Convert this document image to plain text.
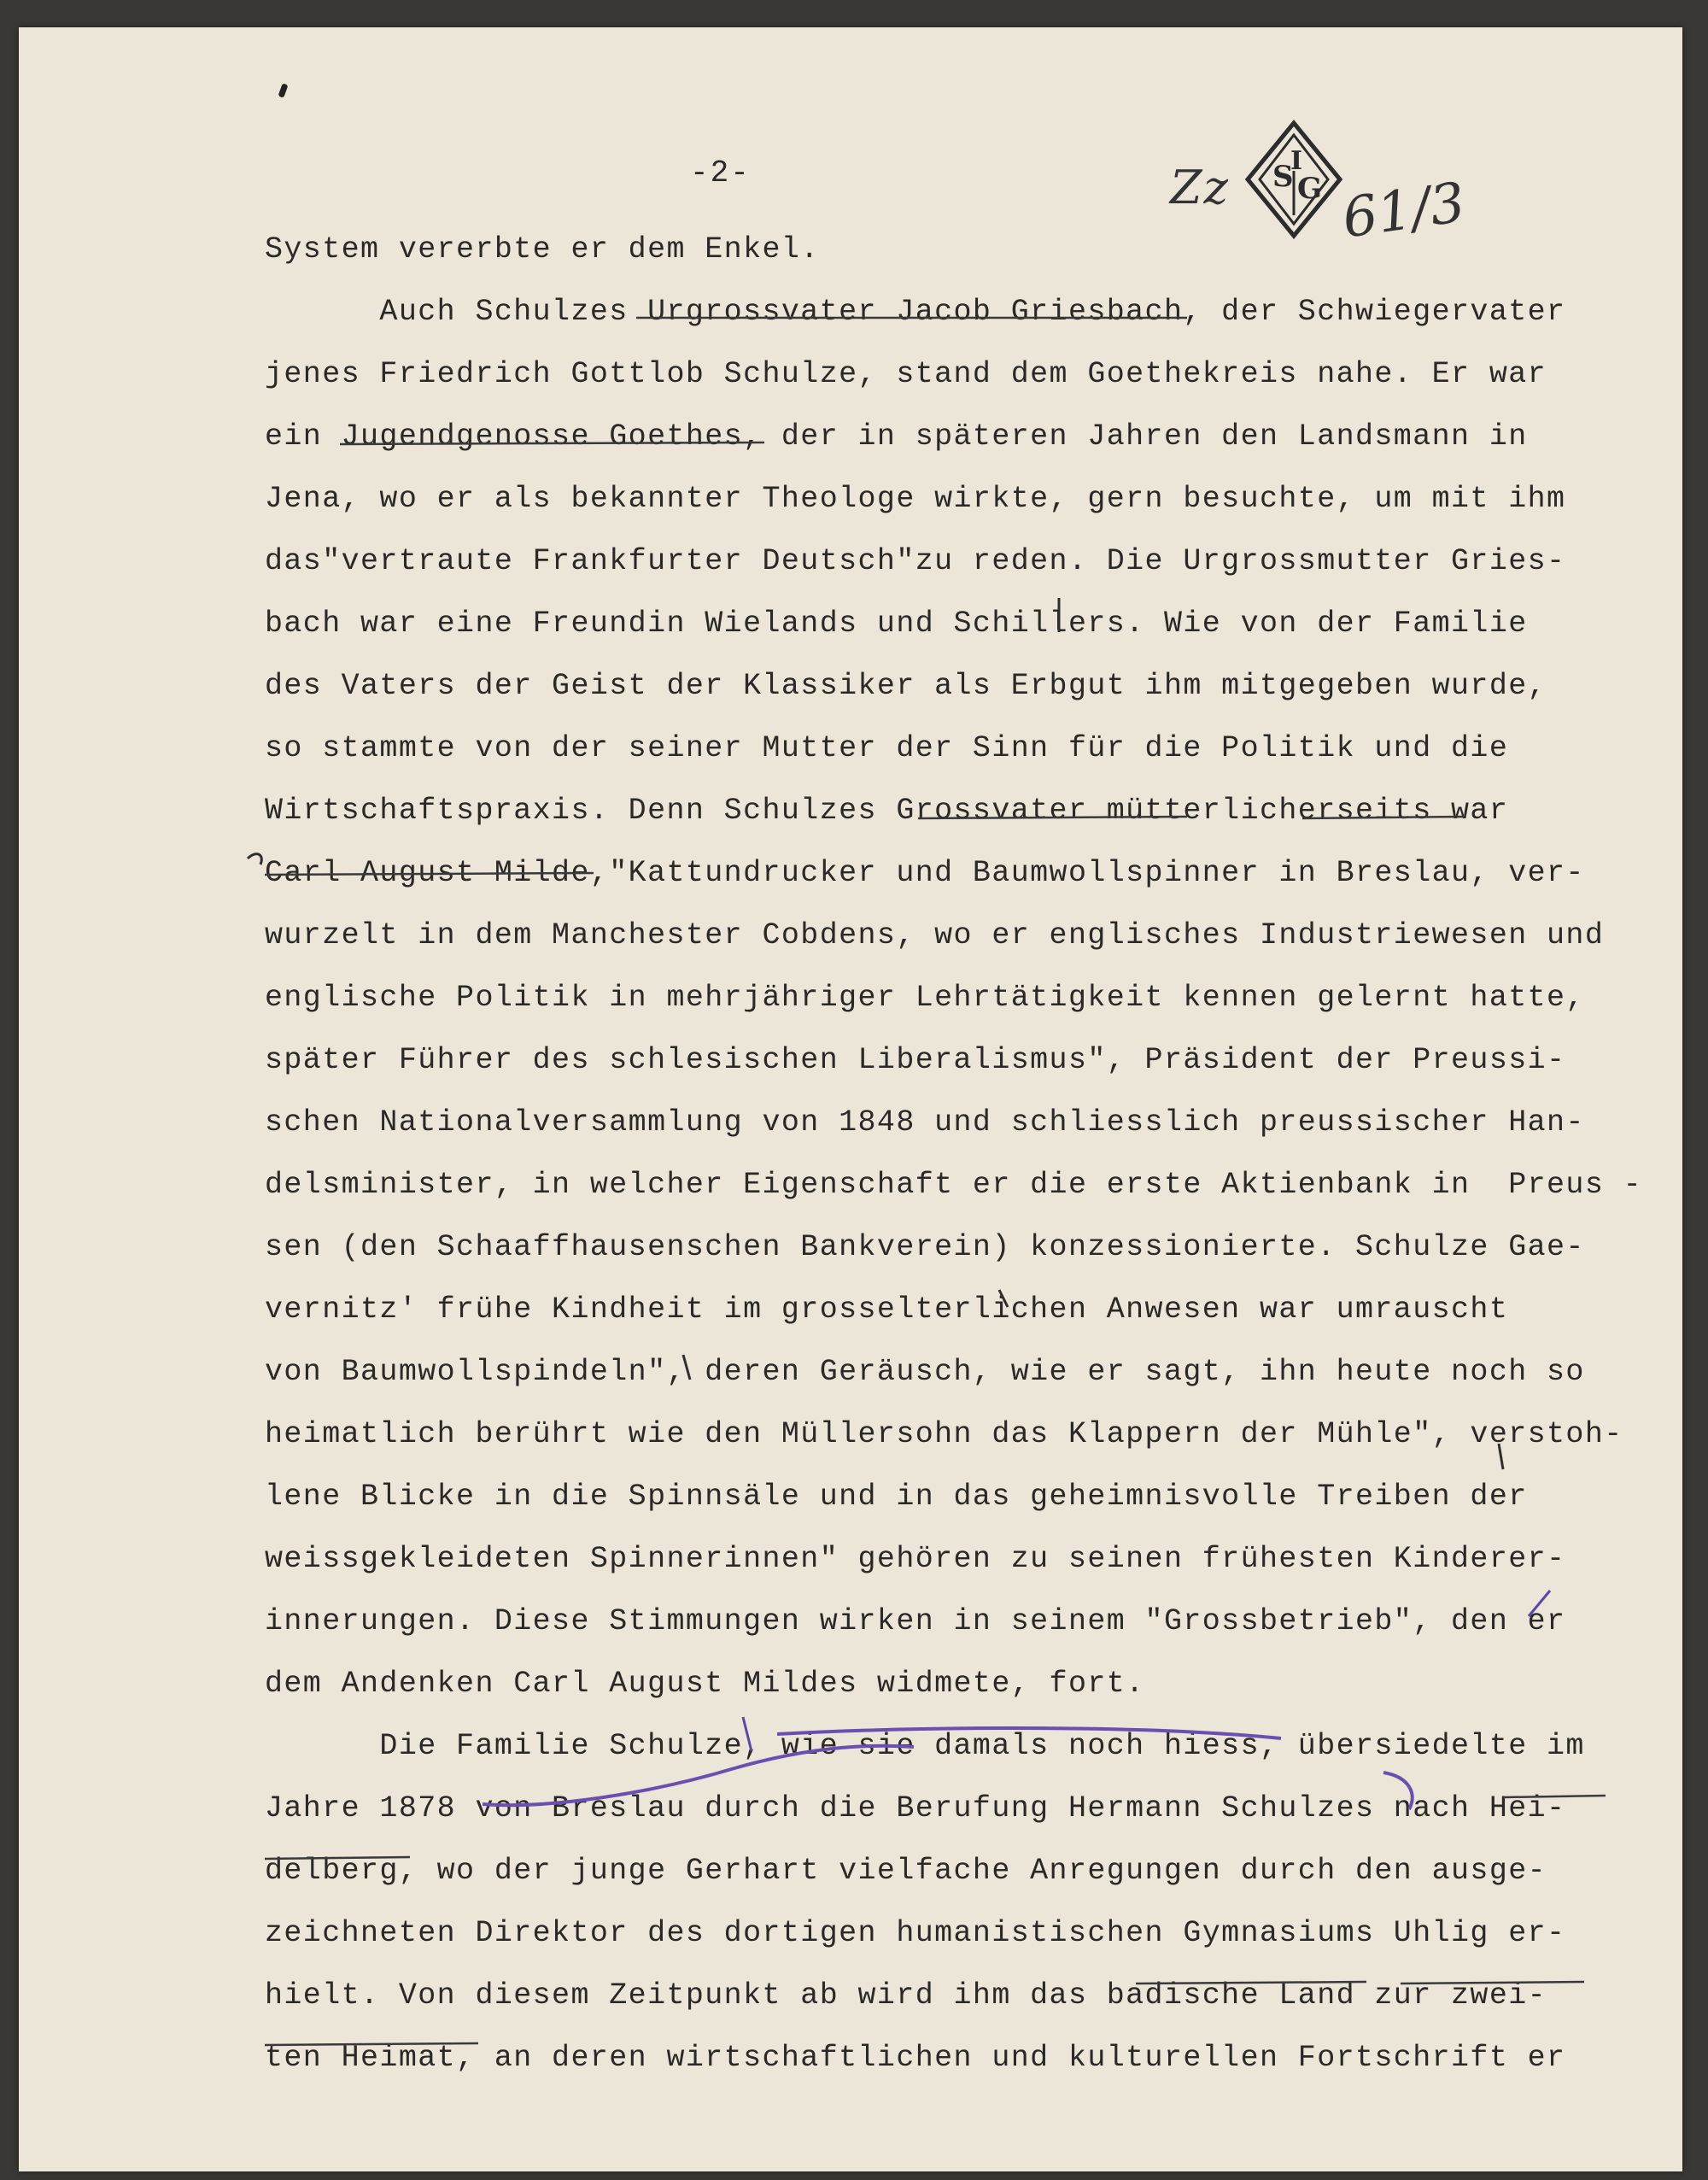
-2-	Zz S
I
G 61/3
System vererbte er dem Enkel.
Auch Schulzes Urgrossvater Jacob Griesbach, der Schwiegervater
jenes Friedrich Gottlob Schulze, stand dem Goethekreis nahe. Er war
ein Jugendgenosse Goethes, der in späteren Jahren den Landsmann in
Jena, wo er als bekannter Theologe wirkte, gern besuchte, um mit ihm
das"vertraute Frankfurter Deutsch"zu reden. Die Urgrossmutter Gries-
bach war eine Freundin Wielands und Schillers. Wie von der Familie
des Vaters der Geist der Klassiker als Erbgut ihm mitgegeben wurde,
so stammte von der seiner Mutter der Sinn für die Politik und die
Wirtschaftspraxis. Denn Schulzes Grossvater mütterlicherseits war
Carl August Milde,"Kattundrucker und Baumwollspinner in Breslau, ver-
wurzelt in dem Manchester Cobdens, wo er englisches Industriewesen und
englische Politik in mehrjähriger Lehrtätigkeit kennen gelernt hatte,
später Führer des schlesischen Liberalismus", Präsident der Preussi-
schen Nationalversammlung von 1848 und schliesslich preussischer Han-
delsminister, in welcher Eigenschaft er die erste Aktienbank in  Preus -
sen (den Schaaffhausenschen Bankverein) konzessionierte. Schulze Gae-
vernitz' frühe Kindheit im grosselterlichen Anwesen war umrauscht
von Baumwollspindeln", deren Geräusch, wie er sagt, ihn heute noch so
heimatlich berührt wie den Müllersohn das Klappern der Mühle", verstoh-
lene Blicke in die Spinnsäle und in das geheimnisvolle Treiben der
weissgekleideten Spinnerinnen" gehören zu seinen frühesten Kinderer-
innerungen. Diese Stimmungen wirken in seinem "Grossbetrieb", den er
dem Andenken Carl August Mildes widmete, fort.
Die Familie Schulze, wie sie damals noch hiess, übersiedelte im
Jahre 1878 von Breslau durch die Berufung Hermann Schulzes nach Hei-
delberg, wo der junge Gerhart vielfache Anregungen durch den ausge-
zeichneten Direktor des dortigen humanistischen Gymnasiums Uhlig er-
hielt. Von diesem Zeitpunkt ab wird ihm das badische Land zur zwei-
ten Heimat, an deren wirtschaftlichen und kulturellen Fortschrift er
